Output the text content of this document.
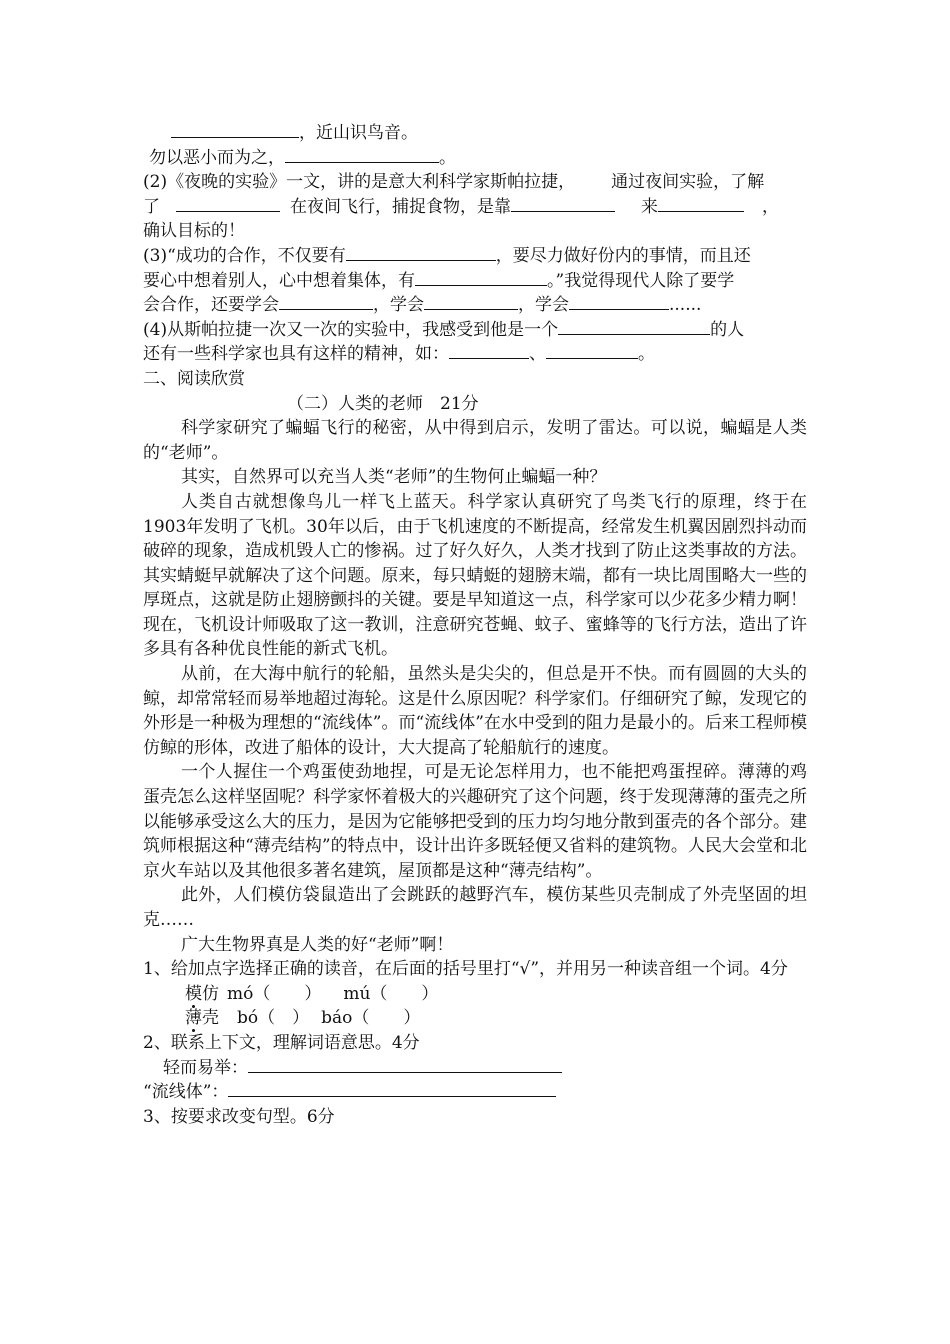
，近山识鸟音。
勿以恶小而为之，	。
(2)《夜晚的实验》一文，讲的是意大利科学家斯帕拉捷， 通过夜间实验，了解
了	在夜间飞行，捕捉食物，是靠	来	，
确认目标的！
(3)“成功的合作，不仅要有	，要尽力做好份内的事情，而且还
要心中想着别人，心中想着集体，有	。”我觉得现代人除了要学
会合作，还要学会	，学会	，学会	......
(4)从斯帕拉捷一次又一次的实验中，我感受到他是一个	的人
还有一些科学家也具有这样的精神，如：	、	。
二、阅读欣赏
（二）人类的老师　21分
科学家研究了蝙蝠飞行的秘密，从中得到启示，发明了雷达。可以说，蝙蝠是人类的“老师”。
其实，自然界可以充当人类“老师”的生物何止蝙蝠一种？
人类自古就想像鸟儿一样飞上蓝天。科学家认真研究了鸟类飞行的原理，终于在1903年发明了飞机。30年以后，由于飞机速度的不断提高，经常发生机翼因剧烈抖动而破碎的现象，造成机毁人亡的惨祸。过了好久好久，人类才找到了防止这类事故的方法。其实蜻蜓早就解决了这个问题。原来，每只蜻蜓的翅膀末端，都有一块比周围略大一些的厚斑点，这就是防止翅膀颤抖的关键。要是早知道这一点，科学家可以少花多少精力啊！现在，飞机设计师吸取了这一教训，注意研究苍蝇、蚊子、蜜蜂等的飞行方法，造出了许多具有各种优良性能的新式飞机。
从前，在大海中航行的轮船，虽然头是尖尖的，但总是开不快。而有圆圆的大头的鲸，却常常轻而易举地超过海轮。这是什么原因呢？科学家们。仔细研究了鲸，发现它的外形是一种极为理想的“流线体”。而“流线体”在水中受到的阻力是最小的。后来工程师模仿鲸的形体，改进了船体的设计，大大提高了轮船航行的速度。
一个人握住一个鸡蛋使劲地捏，可是无论怎样用力，也不能把鸡蛋捏碎。薄薄的鸡蛋壳怎么这样坚固呢？科学家怀着极大的兴趣研究了这个问题，终于发现薄薄的蛋壳之所以能够承受这么大的压力，是因为它能够把受到的压力均匀地分散到蛋壳的各个部分。建筑师根据这种“薄壳结构”的特点中，设计出许多既轻便又省料的建筑物。人民大会堂和北京火车站以及其他很多著名建筑，屋顶都是这种“薄壳结构”。
此外，人们模仿袋鼠造出了会跳跃的越野汽车，模仿某些贝壳制成了外壳坚固的坦克……
广大生物界真是人类的好“老师”啊！
1、给加点字选择正确的读音，在后面的括号里打“√”，并用另一种读音组一个词。4分
模仿 mó（　　） mú（　　）
薄壳 bó（　） báo（　　）
2、联系上下文，理解词语意思。4分
轻而易举：
“流线体”：
3、按要求改变句型。6分
